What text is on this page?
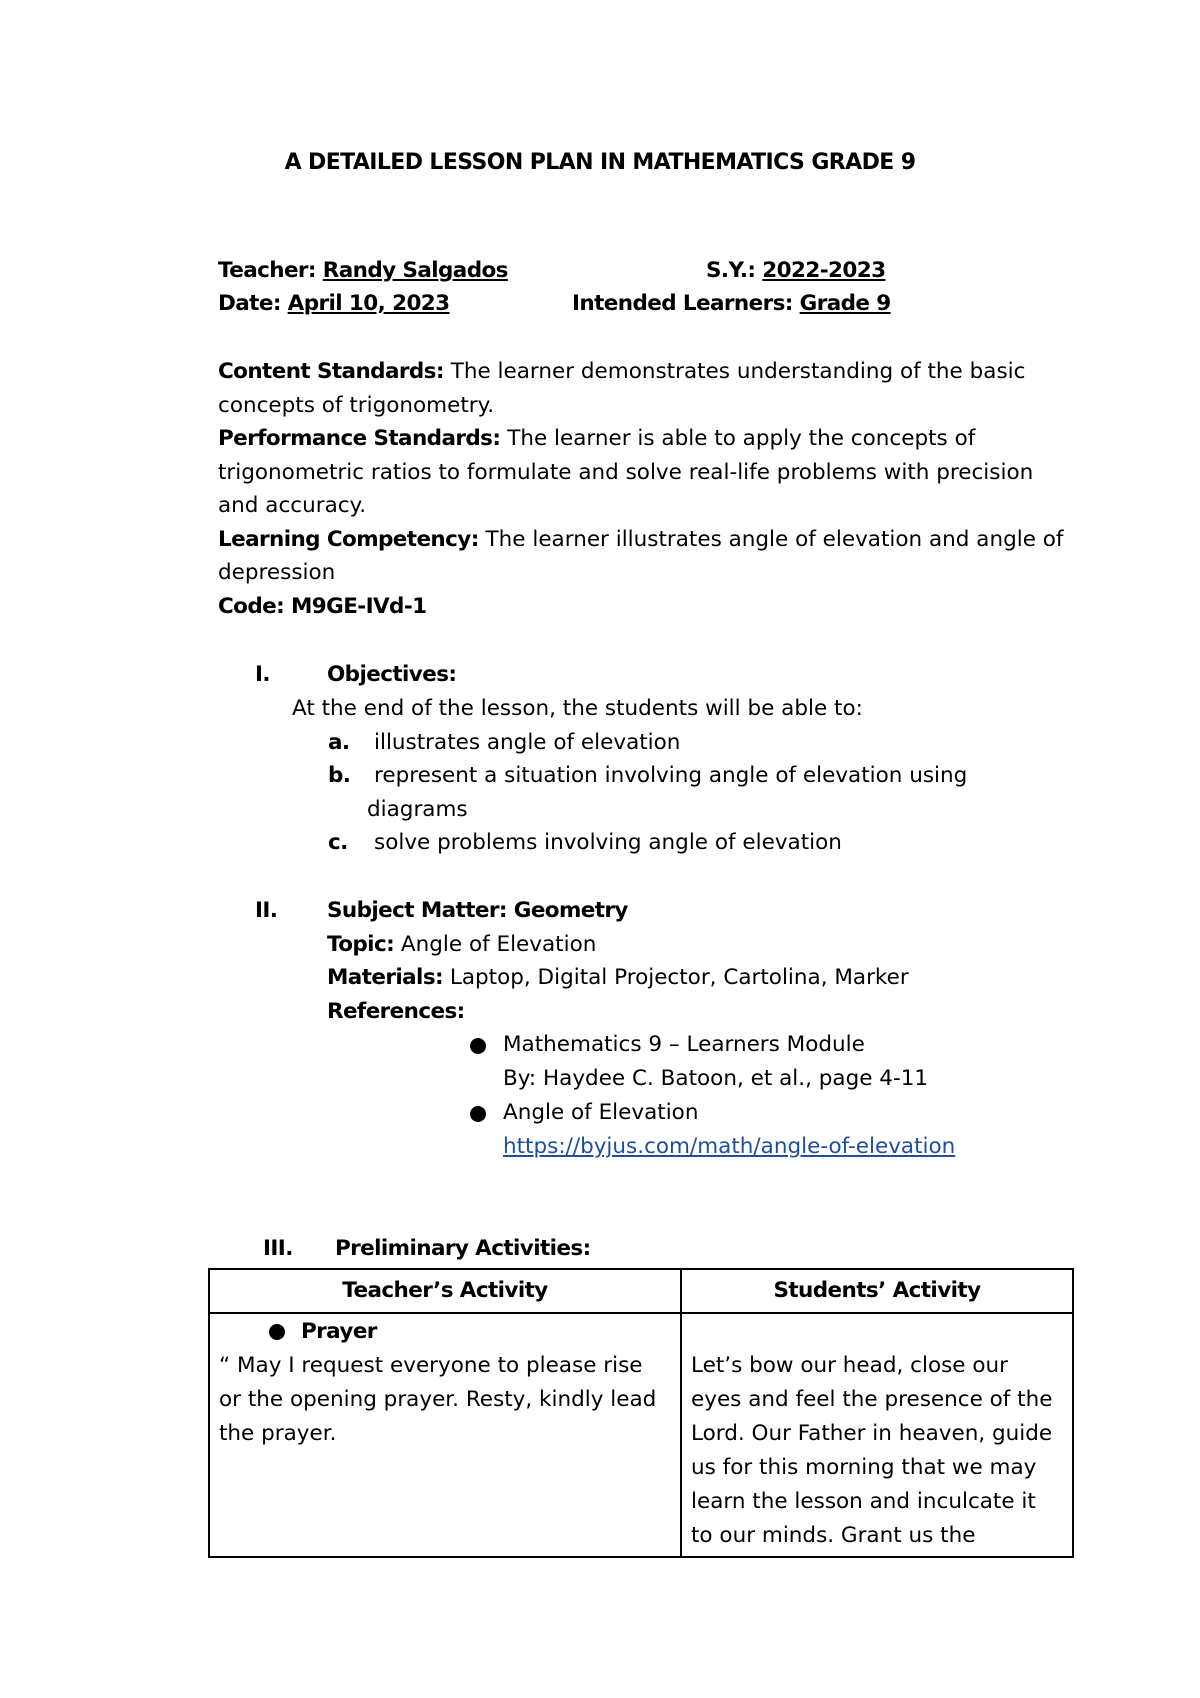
A DETAILED LESSON PLAN IN MATHEMATICS GRADE 9
Teacher: Randy Salgados	S.Y.: 2022-2023
Date: April 10, 2023	Intended Learners: Grade 9
Content Standards: The learner demonstrates understanding of the basic
concepts of trigonometry.
Performance Standards: The learner is able to apply the concepts of
trigonometric ratios to formulate and solve real-life problems with precision
and accuracy.
Learning Competency: The learner illustrates angle of elevation and angle of
depression
Code: M9GE-IVd-1
I.	Objectives:
At the end of the lesson, the students will be able to:
a. illustrates angle of elevation
b. represent a situation involving angle of elevation using
diagrams
c. solve problems involving angle of elevation
II. Subject Matter: Geometry
Topic: Angle of Elevation
Materials: Laptop, Digital Projector, Cartolina, Marker
References:
Mathematics 9 – Learners Module
By: Haydee C. Batoon, et al., page 4-11
Angle of Elevation
https://byjus.com/math/angle-of-elevation
III. Preliminary Activities:
Teacher’s Activity	Students’ Activity

Prayer
“ May I request everyone to please rise or the opening prayer. Resty, kindly lead the prayer.	Let’s bow our head, close our eyes and feel the presence of the Lord. Our Father in heaven, guide us for this morning that we may learn the lesson and inculcate it to our minds. Grant us the
